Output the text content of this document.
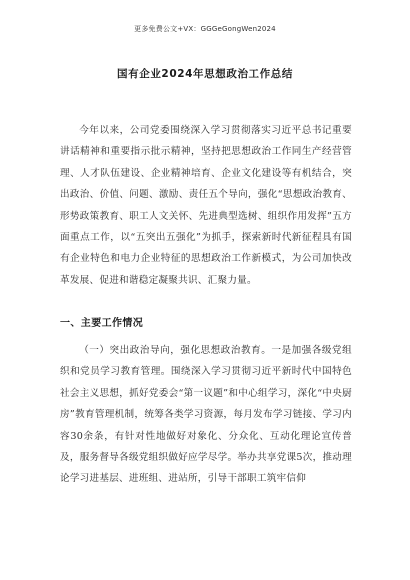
更多免费公文+VX：GGGeGongWen2024
国有企业2024年思想政治工作总结

今年以来，公司党委围绕深入学习贯彻落实习近平总书记重要讲话精神和重要指示批示精神，坚持把思想政治工作同生产经营管理、人才队伍建设、企业精神培育、企业文化建设等有机结合，突出政治、价值、问题、激励、责任五个导向，强化“思想政治教育、形势政策教育、职工人文关怀、先进典型选树、组织作用发挥”五方面重点工作，以“五突出五强化”为抓手，探索新时代新征程具有国有企业特色和电力企业特征的思想政治工作新模式，为公司加快改革发展、促进和谐稳定凝聚共识、汇聚力量。

一、主要工作情况

（一）突出政治导向，强化思想政治教育。一是加强各级党组织和党员学习教育管理。围绕深入学习贯彻习近平新时代中国特色社会主义思想，抓好党委会“第一议题”和中心组学习，深化“中央厨房”教育管理机制，统筹各类学习资源，每月发布学习链接、学习内容30余条，有针对性地做好对象化、分众化、互动化理论宣传普及，服务督导各级党组织做好应学尽学。举办共享党课5次，推动理论学习进基层、进班组、进站所，引导干部职工筑牢信仰
